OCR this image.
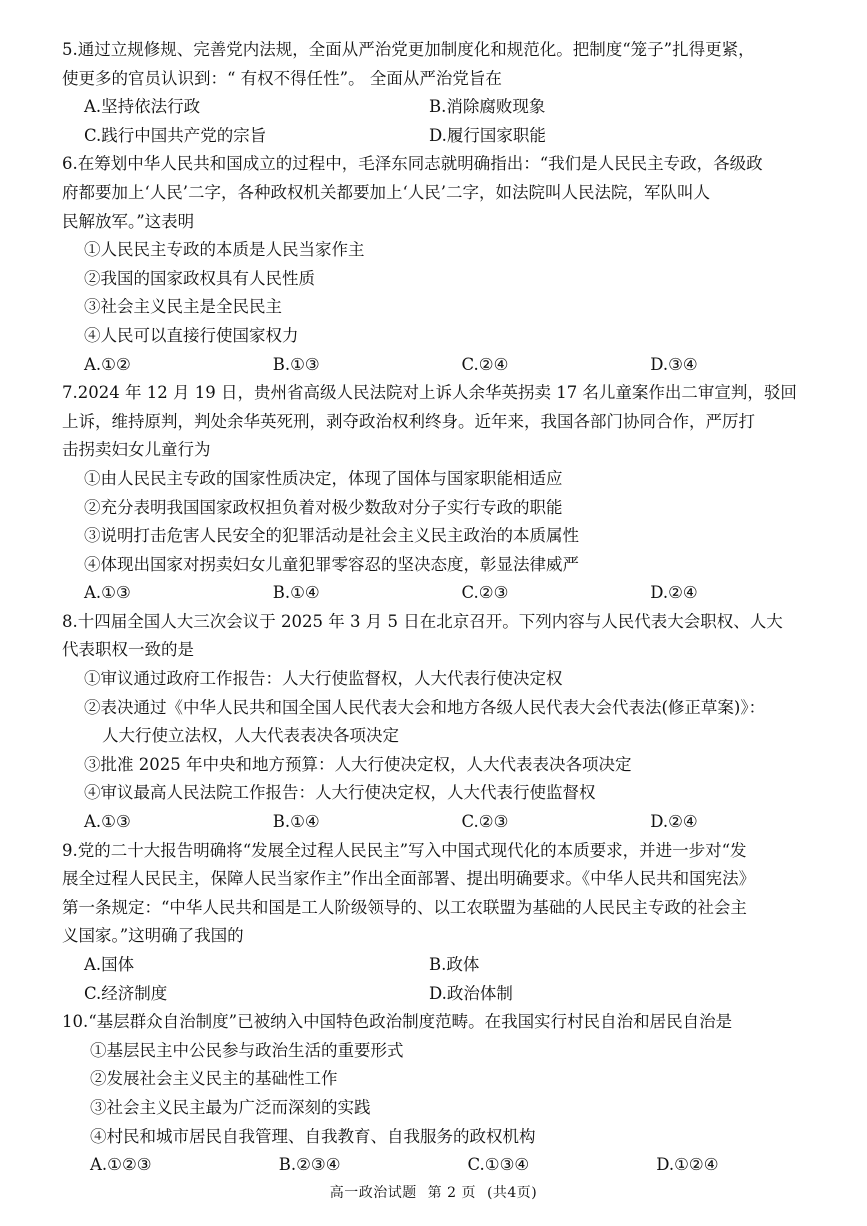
5.通过立规修规、完善党内法规，全面从严治党更加制度化和规范化。把制度“笼子”扎得更紧，
使更多的官员认识到：“ 有权不得任性”。 全面从严治党旨在
A.坚持依法行政	B.消除腐败现象
C.践行中国共产党的宗旨	D.履行国家职能
6.在筹划中华人民共和国成立的过程中，毛泽东同志就明确指出：“我们是人民民主专政，各级政
府都要加上‘人民’二字，各种政权机关都要加上‘人民’二字，如法院叫人民法院，军队叫人
民解放军。”这表明
①人民民主专政的本质是人民当家作主
②我国的国家政权具有人民性质
③社会主义民主是全民民主
④人民可以直接行使国家权力
A.①②	B.①③	C.②④	D.③④
7.2024 年 12 月 19 日，贵州省高级人民法院对上诉人余华英拐卖 17 名儿童案作出二审宣判，驳回
上诉，维持原判，判处余华英死刑，剥夺政治权利终身。近年来，我国各部门协同合作，严厉打
击拐卖妇女儿童行为
①由人民民主专政的国家性质决定，体现了国体与国家职能相适应
②充分表明我国国家政权担负着对极少数敌对分子实行专政的职能
③说明打击危害人民安全的犯罪活动是社会主义民主政治的本质属性
④体现出国家对拐卖妇女儿童犯罪零容忍的坚决态度，彰显法律威严
A.①③	B.①④	C.②③	D.②④
8.十四届全国人大三次会议于 2025 年 3 月 5 日在北京召开。下列内容与人民代表大会职权、人大
代表职权一致的是
①审议通过政府工作报告：人大行使监督权，人大代表行使决定权
②表决通过《中华人民共和国全国人民代表大会和地方各级人民代表大会代表法(修正草案)》：
人大行使立法权，人大代表表决各项决定
③批准 2025 年中央和地方预算：人大行使决定权，人大代表表决各项决定
④审议最高人民法院工作报告：人大行使决定权，人大代表行使监督权
A.①③	B.①④	C.②③	D.②④
9.党的二十大报告明确将“发展全过程人民民主”写入中国式现代化的本质要求，并进一步对“发
展全过程人民民主，保障人民当家作主”作出全面部署、提出明确要求。《中华人民共和国宪法》
第一条规定：“中华人民共和国是工人阶级领导的、以工农联盟为基础的人民民主专政的社会主
义国家。”这明确了我国的
A.国体	B.政体
C.经济制度	D.政治体制
10.“基层群众自治制度”已被纳入中国特色政治制度范畴。在我国实行村民自治和居民自治是
①基层民主中公民参与政治生活的重要形式
②发展社会主义民主的基础性工作
③社会主义民主最为广泛而深刻的实践
④村民和城市居民自我管理、自我教育、自我服务的政权机构
A.①②③	B.②③④	C.①③④	D.①②④
高一政治试题 第 2 页 (共4页)
